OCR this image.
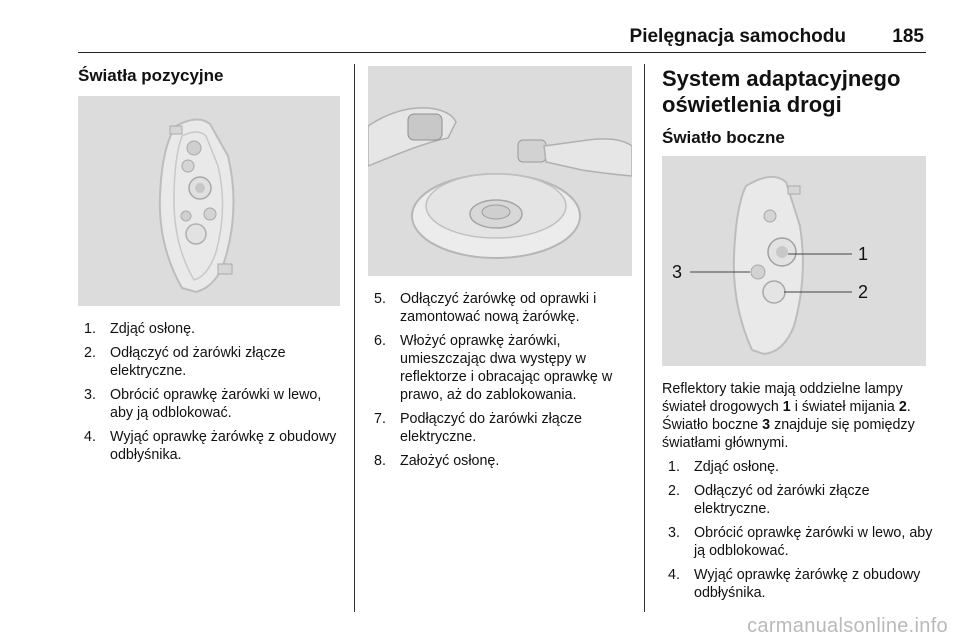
Pielęgnacja samochodu 185
Światła pozycyjne
1. Zdjąć osłonę.
2. Odłączyć od żarówki złącze elektryczne.
3. Obrócić oprawkę żarówki w lewo, aby ją odblokować.
4. Wyjąć oprawkę żarówkę z obudowy odbłyśnika.
5. Odłączyć żarówkę od oprawki i zamontować nową żarówkę.
6. Włożyć oprawkę żarówki, umieszczając dwa występy w reflektorze i obracając oprawkę w prawo, aż do zablokowania.
7. Podłączyć do żarówki złącze elektryczne.
8. Założyć osłonę.
System adaptacyjnego oświetlenia drogi
Światło boczne
1
2
3

Reflektory takie mają oddzielne lampy świateł drogowych 1 i świateł mijania 2. Światło boczne 3 znajduje się pomiędzy światłami głównymi.

1. Zdjąć osłonę.
2. Odłączyć od żarówki złącze elektryczne.
3. Obrócić oprawkę żarówki w lewo, aby ją odblokować.
4. Wyjąć oprawkę żarówkę z obudowy odbłyśnika.
carmanualsonline.info
